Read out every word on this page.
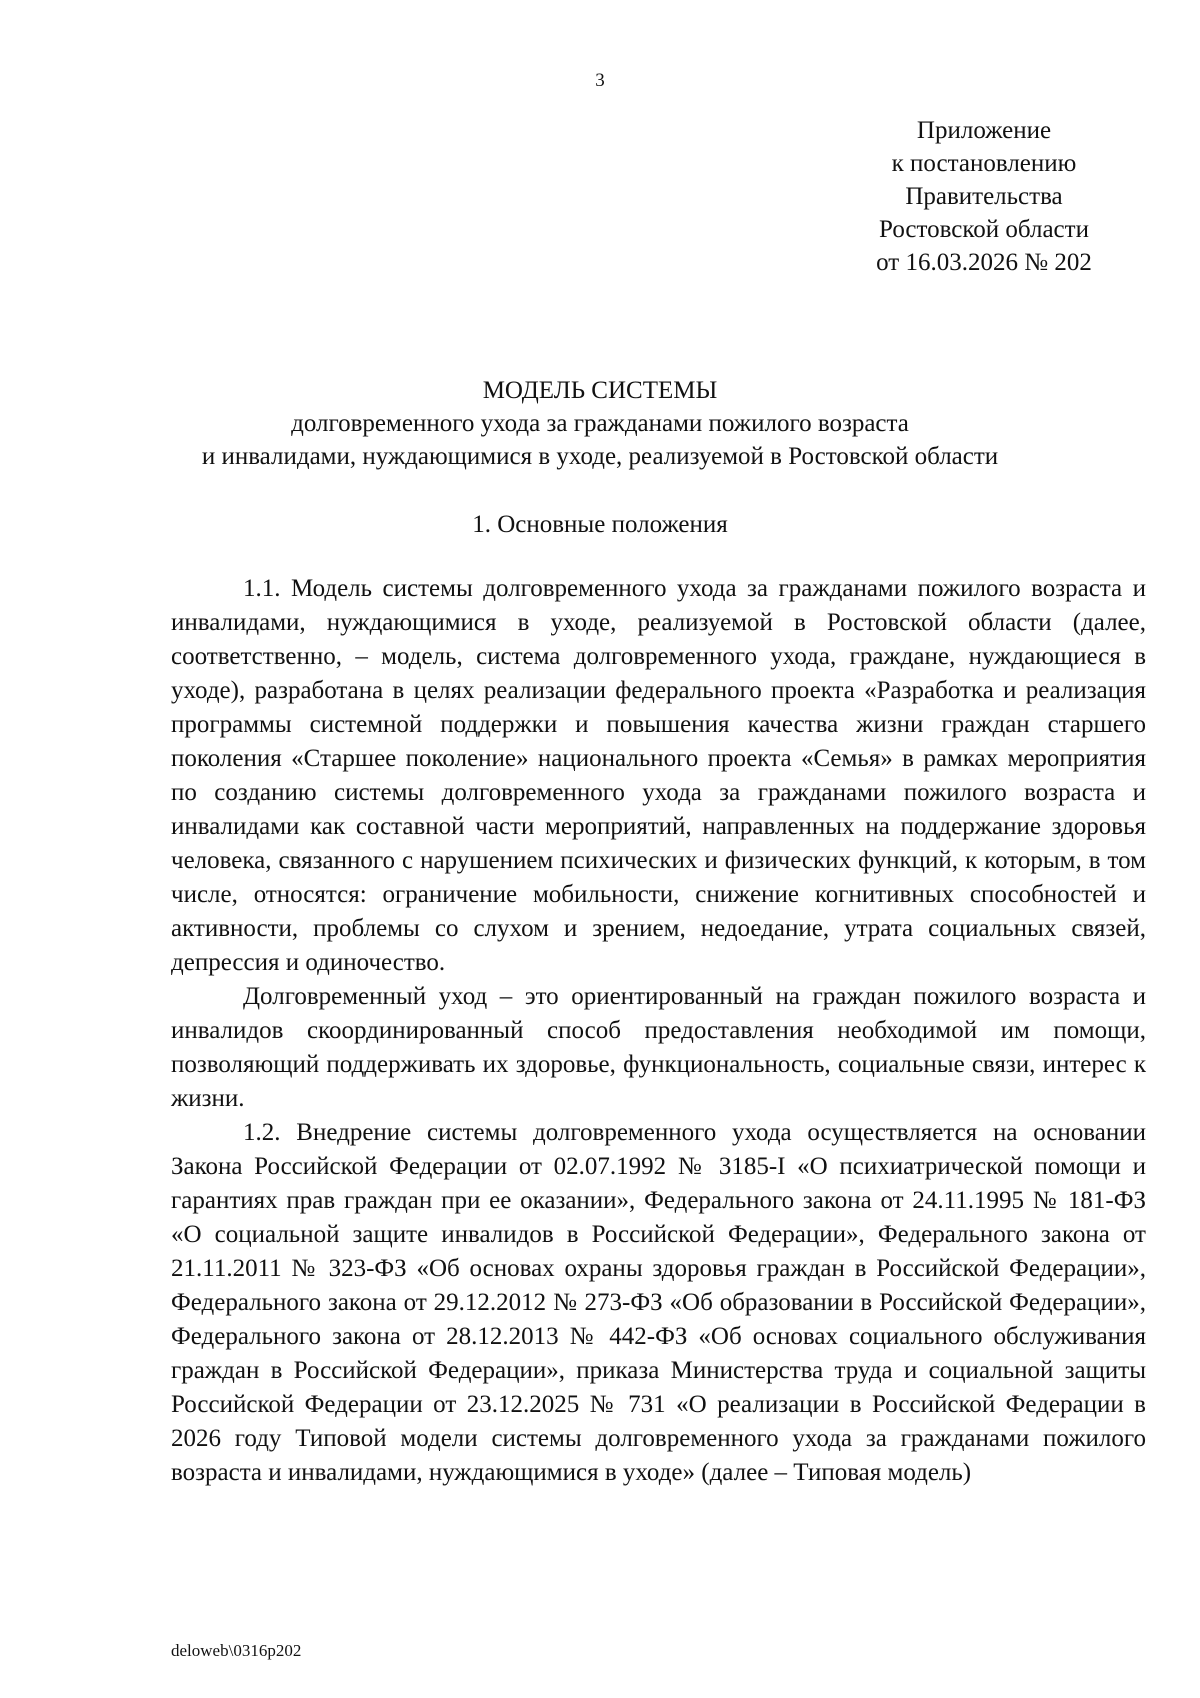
3
Приложение
к постановлению
Правительства
Ростовской области
от 16.03.2026 № 202
МОДЕЛЬ СИСТЕМЫ
долговременного ухода за гражданами пожилого возраста
и инвалидами, нуждающимися в уходе, реализуемой в Ростовской области
1. Основные положения

1.1. Модель системы долговременного ухода за гражданами пожилого возраста и инвалидами, нуждающимися в уходе, реализуемой в Ростовской области (далее, соответственно, – модель, система долговременного ухода, граждане, нуждающиеся в уходе), разработана в целях реализации федерального проекта «Разработка и реализация программы системной поддержки и повышения качества жизни граждан старшего поколения «Старшее поколение» национального проекта «Семья» в рамках мероприятия по созданию системы долговременного ухода за гражданами пожилого возраста и инвалидами как составной части мероприятий, направленных на поддержание здоровья человека, связанного с нарушением психических и физических функций, к которым, в том числе, относятся: ограничение мобильности, снижение когнитивных способностей и активности, проблемы со слухом и зрением, недоедание, утрата социальных связей, депрессия и одиночество.

Долговременный уход – это ориентированный на граждан пожилого возраста и инвалидов скоординированный способ предоставления необходимой им помощи, позволяющий поддерживать их здоровье, функциональность, социальные связи, интерес к жизни.

1.2. Внедрение системы долговременного ухода осуществляется на основании Закона Российской Федерации от 02.07.1992 № 3185-I «О психиатрической помощи и гарантиях прав граждан при ее оказании», Федерального закона от 24.11.1995 № 181-ФЗ «О социальной защите инвалидов в Российской Федерации», Федерального закона от 21.11.2011 № 323-ФЗ «Об основах охраны здоровья граждан в Российской Федерации», Федерального закона от 29.12.2012 № 273-ФЗ «Об образовании в Российской Федерации», Федерального закона от 28.12.2013 № 442-ФЗ «Об основах социального обслуживания граждан в Российской Федерации», приказа Министерства труда и социальной защиты Российской Федерации от 23.12.2025 № 731 «О реализации в Российской Федерации в 2026 году Типовой модели системы долговременного ухода за гражданами пожилого возраста и инвалидами, нуждающимися в уходе» (далее – Типовая модель)

deloweb\0316p202
